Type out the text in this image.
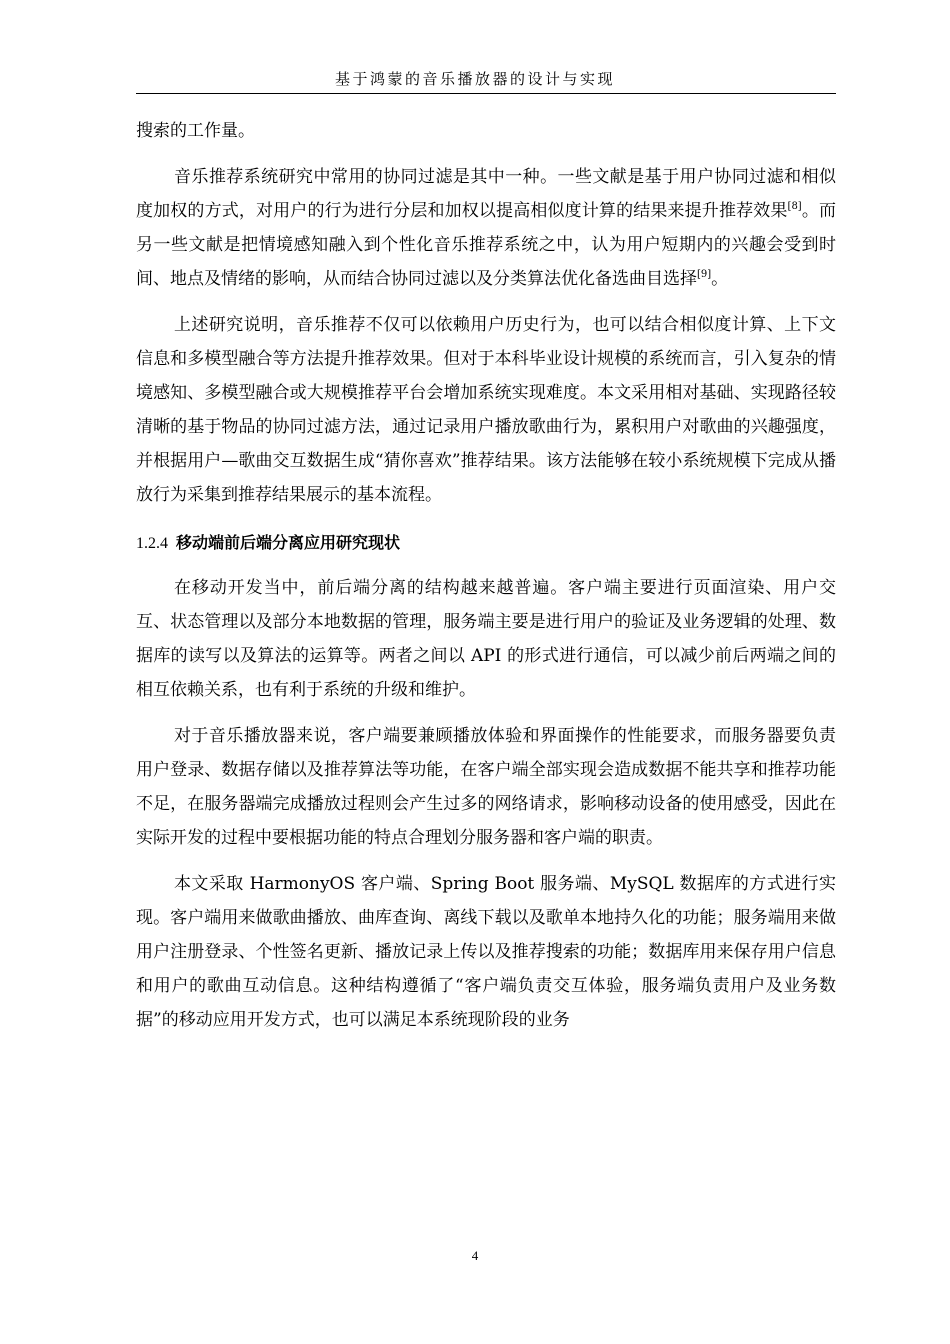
基于鸿蒙的音乐播放器的设计与实现

搜索的工作量。

音乐推荐系统研究中常用的协同过滤是其中一种。一些文献是基于用户协同过滤和相似度加权的方式，对用户的行为进行分层和加权以提高相似度计算的结果来提升推荐效果[8]。而另一些文献是把情境感知融入到个性化音乐推荐系统之中，认为用户短期内的兴趣会受到时间、地点及情绪的影响，从而结合协同过滤以及分类算法优化备选曲目选择[9]。

上述研究说明，音乐推荐不仅可以依赖用户历史行为，也可以结合相似度计算、上下文信息和多模型融合等方法提升推荐效果。但对于本科毕业设计规模的系统而言，引入复杂的情境感知、多模型融合或大规模推荐平台会增加系统实现难度。本文采用相对基础、实现路径较清晰的基于物品的协同过滤方法，通过记录用户播放歌曲行为，累积用户对歌曲的兴趣强度，并根据用户—歌曲交互数据生成“猜你喜欢”推荐结果。该方法能够在较小系统规模下完成从播放行为采集到推荐结果展示的基本流程。

1.2.4 移动端前后端分离应用研究现状

在移动开发当中，前后端分离的结构越来越普遍。客户端主要进行页面渲染、用户交互、状态管理以及部分本地数据的管理，服务端主要是进行用户的验证及业务逻辑的处理、数据库的读写以及算法的运算等。两者之间以 API 的形式进行通信，可以减少前后两端之间的相互依赖关系，也有利于系统的升级和维护。

对于音乐播放器来说，客户端要兼顾播放体验和界面操作的性能要求，而服务器要负责用户登录、数据存储以及推荐算法等功能，在客户端全部实现会造成数据不能共享和推荐功能不足，在服务器端完成播放过程则会产生过多的网络请求，影响移动设备的使用感受，因此在实际开发的过程中要根据功能的特点合理划分服务器和客户端的职责。

本文采取 HarmonyOS 客户端、Spring Boot 服务端、MySQL 数据库的方式进行实现。客户端用来做歌曲播放、曲库查询、离线下载以及歌单本地持久化的功能；服务端用来做用户注册登录、个性签名更新、播放记录上传以及推荐搜索的功能；数据库用来保存用户信息和用户的歌曲互动信息。这种结构遵循了“客户端负责交互体验，服务端负责用户及业务数据”的移动应用开发方式，也可以满足本系统现阶段的业务

4
